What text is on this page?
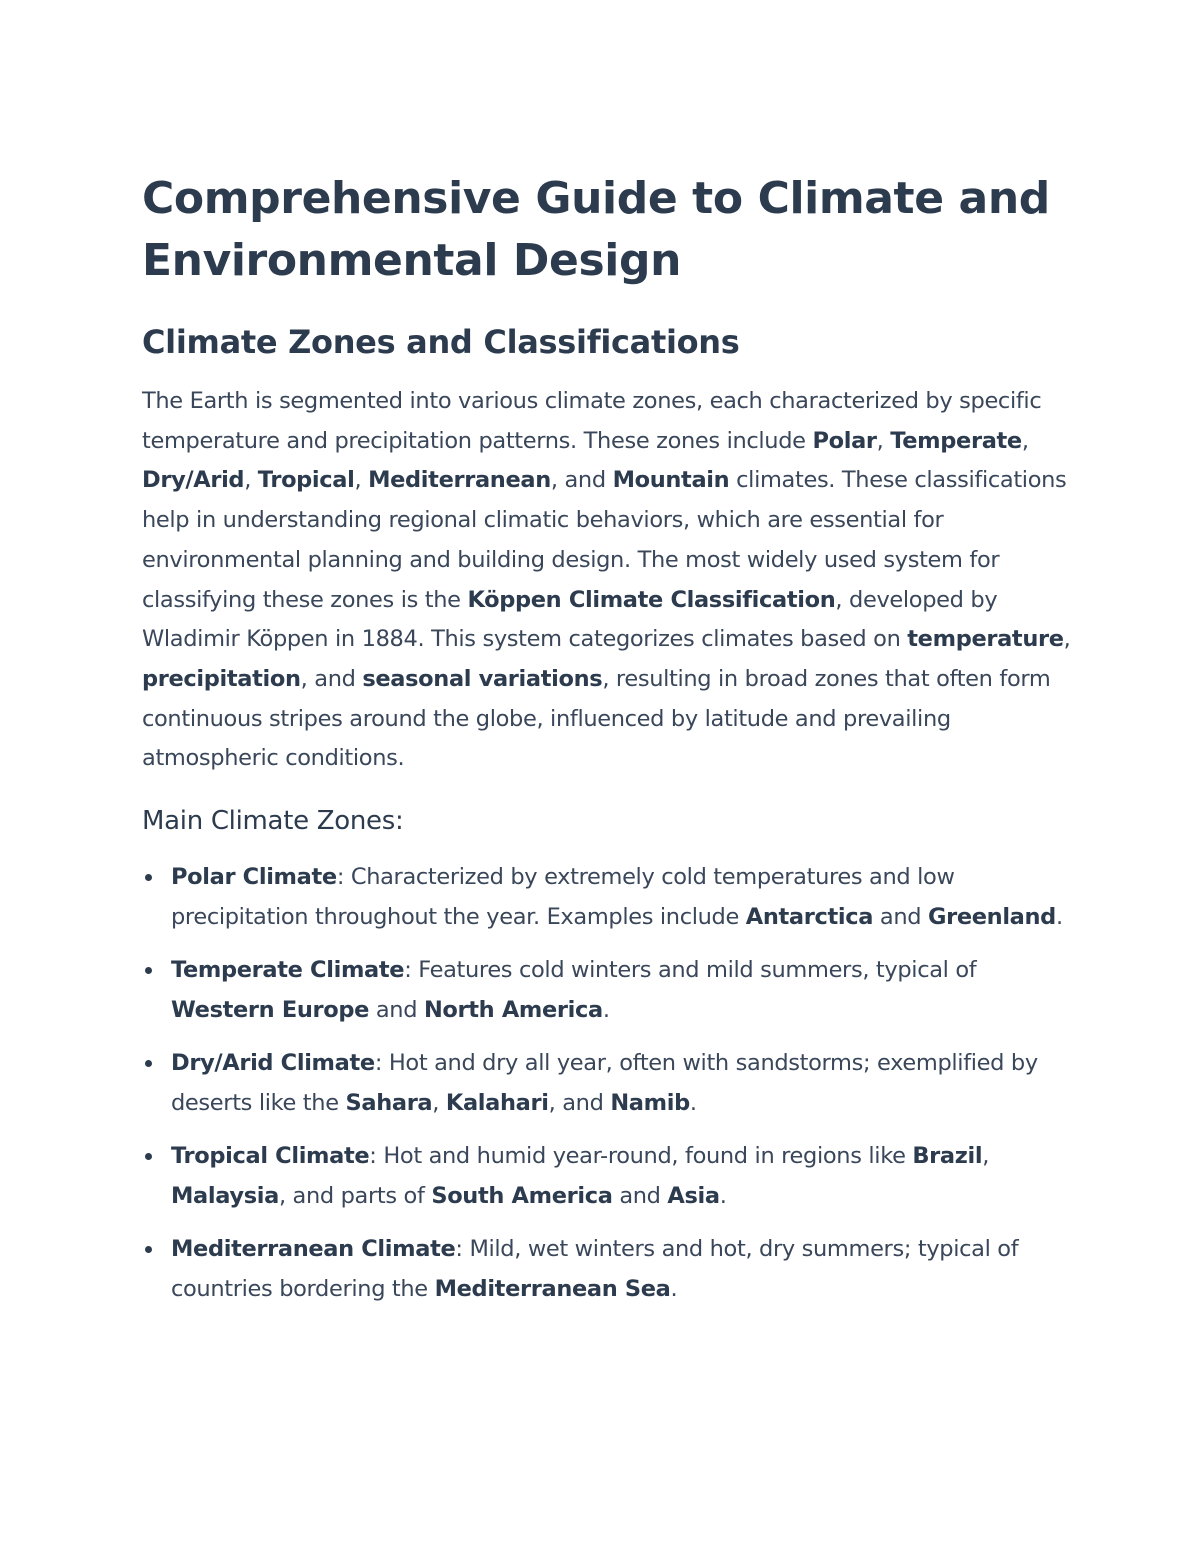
Comprehensive Guide to Climate and Environmental Design
Climate Zones and Classifications

The Earth is segmented into various climate zones, each characterized by specific temperature and precipitation patterns. These zones include Polar, Temperate, Dry/Arid, Tropical, Mediterranean, and Mountain climates. These classifications help in understanding regional climatic behaviors, which are essential for environmental planning and building design. The most widely used system for classifying these zones is the Köppen Climate Classification, developed by Wladimir Köppen in 1884. This system categorizes climates based on temperature, precipitation, and seasonal variations, resulting in broad zones that often form continuous stripes around the globe, influenced by latitude and prevailing atmospheric conditions.

Main Climate Zones:
Polar Climate: Characterized by extremely cold temperatures and low precipitation throughout the year. Examples include Antarctica and Greenland.
Temperate Climate: Features cold winters and mild summers, typical of Western Europe and North America.
Dry/Arid Climate: Hot and dry all year, often with sandstorms; exemplified by deserts like the Sahara, Kalahari, and Namib.
Tropical Climate: Hot and humid year-round, found in regions like Brazil, Malaysia, and parts of South America and Asia.
Mediterranean Climate: Mild, wet winters and hot, dry summers; typical of countries bordering the Mediterranean Sea.
